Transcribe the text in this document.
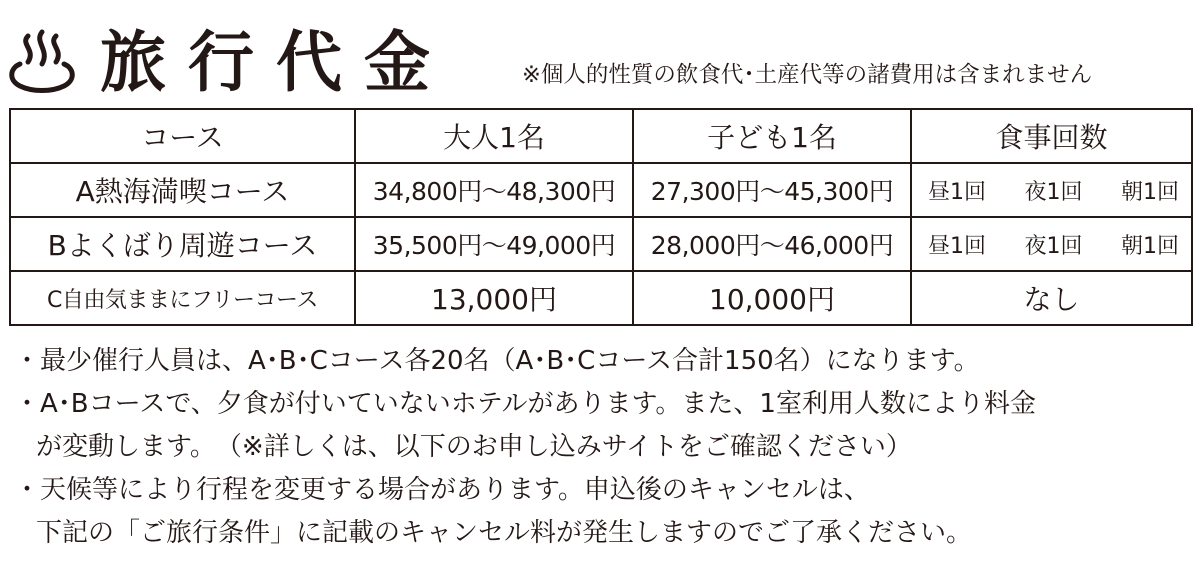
旅行代金	※個人的性質の飲食代･土産代等の諸費用は含まれません
コース	大人1名	子ども1名	食事回数
A熱海満喫コース	34,800円～48,300円	27,300円～45,300円	昼1回 夜1回 朝1回

Bよくばり周遊コース	35,500円～49,000円	28,000円～46,000円	昼1回 夜1回 朝1回

C自由気ままにフリーコース	13,000円	10,000円	なし
・最少催行人員は、A･B･Cコース各20名（A･B･Cコース合計150名）になります。
・A･Bコースで、夕食が付いていないホテルがあります。また、1室利用人数により料金
が変動します。　（※詳しくは、以下のお申し込みサイトをご確認ください）
・天候等により行程を変更する場合があります。申込後のキャンセルは、
下記の「ご旅行条件」に記載のキャンセル料が発生しますのでご了承ください。
